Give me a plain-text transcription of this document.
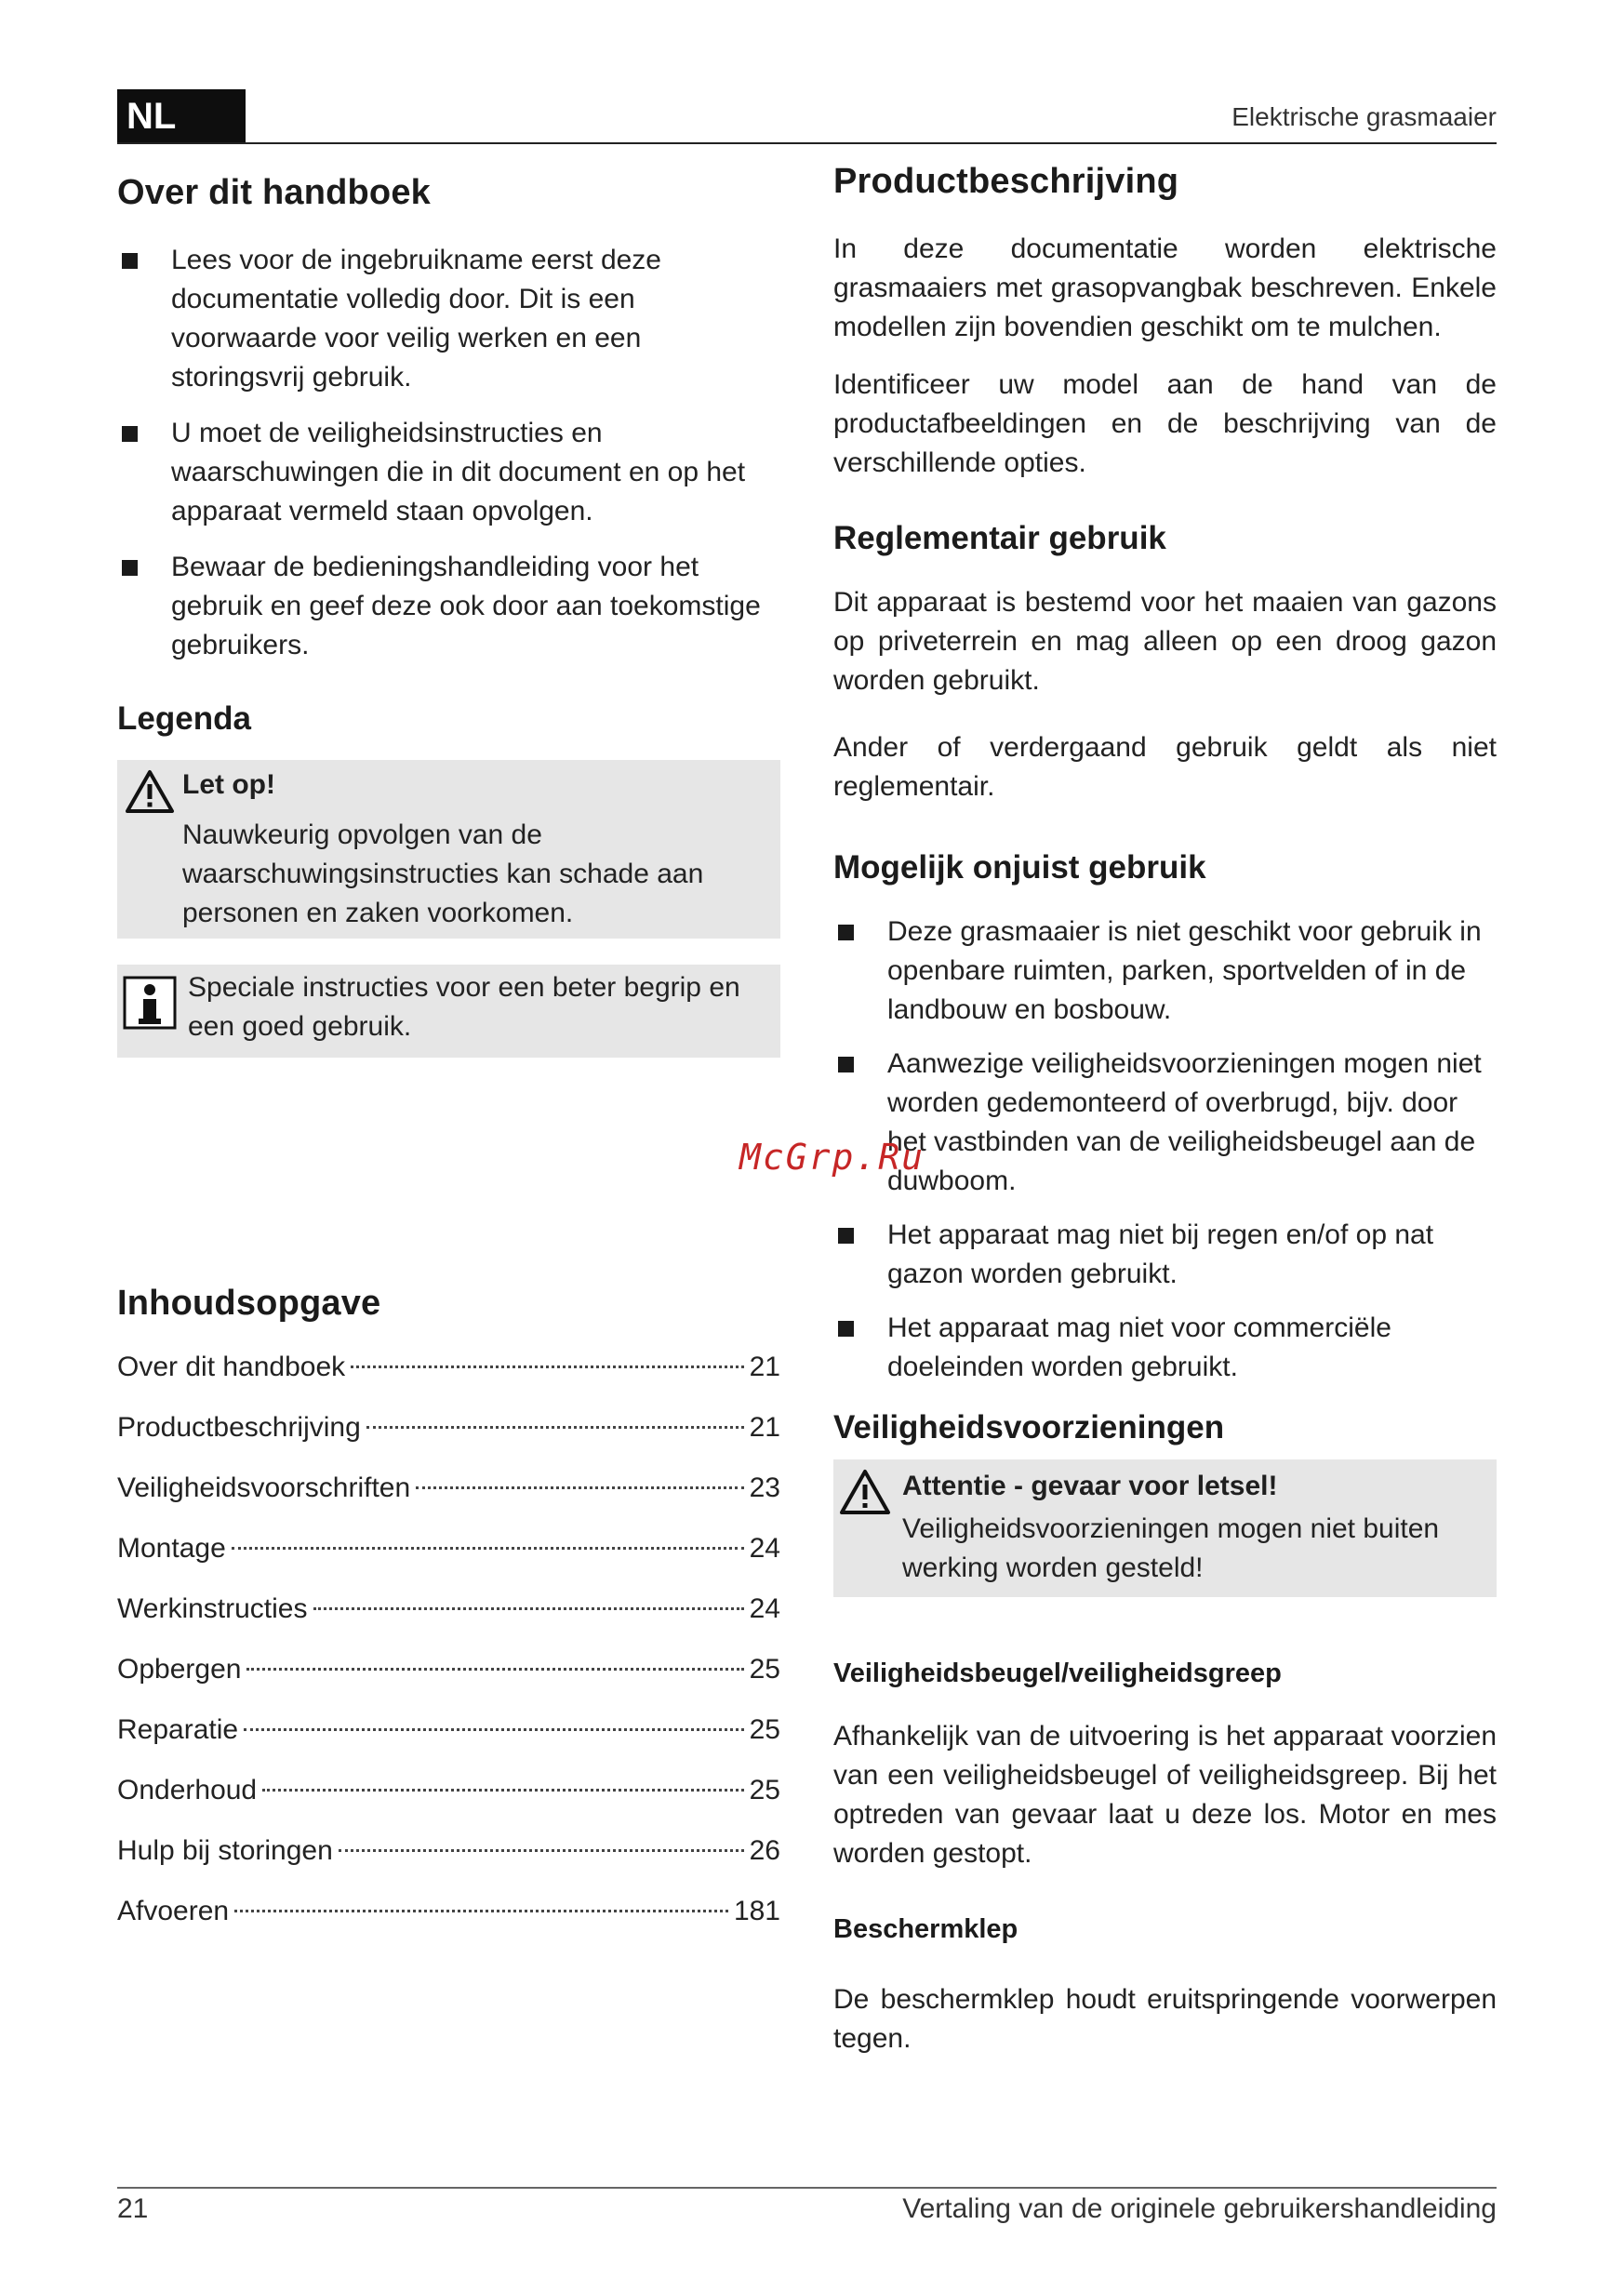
NL	Elektrische grasmaaier
Over dit handboek
Lees voor de ingebruikname eerst deze documentatie volledig door. Dit is een voorwaarde voor veilig werken en een storingsvrij gebruik.
U moet de veiligheidsinstructies en waarschuwingen die in dit document en op het apparaat vermeld staan opvolgen.
Bewaar de bedieningshandleiding voor het gebruik en geef deze ook door aan toekomstige gebruikers.
Legenda
Let op!

Nauwkeurig opvolgen van de waarschuwingsinstructies kan schade aan personen en zaken voorkomen.

Speciale instructies voor een beter begrip en een goed gebruik.

Inhoudsopgave
Over dit handboek	21
Productbeschrijving	21
Veiligheidsvoorschriften	23
Montage	24
Werkinstructies	24
Opbergen	25
Reparatie	25
Onderhoud	25
Hulp bij storingen	26
Afvoeren	181
Productbeschrijving

In deze documentatie worden elektrische grasmaaiers met grasopvangbak beschreven. Enkele modellen zijn bovendien geschikt om te mulchen.

Identificeer uw model aan de hand van de productafbeeldingen en de beschrijving van de verschillende opties.

Reglementair gebruik

Dit apparaat is bestemd voor het maaien van gazons op priveterrein en mag alleen op een droog gazon worden gebruikt.

Ander of verdergaand gebruik geldt als niet reglementair.

Mogelijk onjuist gebruik
Deze grasmaaier is niet geschikt voor gebruik in openbare ruimten, parken, sportvelden of in de landbouw en bosbouw.
Aanwezige veiligheidsvoorzieningen mogen niet worden gedemonteerd of overbrugd, bijv. door het vastbinden van de veiligheidsbeugel aan de duwboom.
Het apparaat mag niet bij regen en/of op nat gazon worden gebruikt.
Het apparaat mag niet voor commerciële doeleinden worden gebruikt.
Veiligheidsvoorzieningen
Attentie - gevaar voor letsel!

Veiligheidsvoorzieningen mogen niet buiten werking worden gesteld!

Veiligheidsbeugel/veiligheidsgreep

Afhankelijk van de uitvoering is het apparaat voorzien van een veiligheidsbeugel of veiligheidsgreep. Bij het optreden van gevaar laat u deze los. Motor en mes worden gestopt.

Beschermklep

De beschermklep houdt eruitspringende voorwerpen tegen.

McGrp.Ru
21	Vertaling van de originele gebruikershandleiding
